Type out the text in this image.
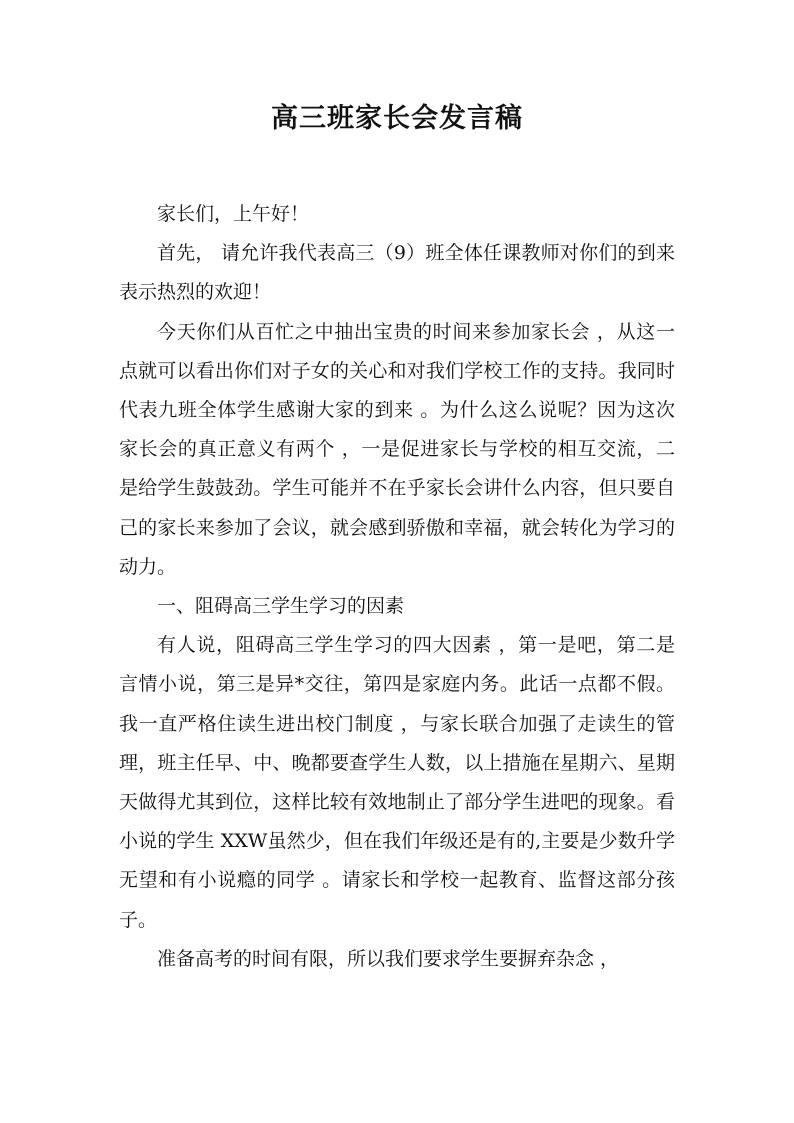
高三班家长会发言稿

家长们，上午好！

首先， 请允许我代表高三（9）班全体任课教师对你们的到来表示热烈的欢迎！

今天你们从百忙之中抽出宝贵的时间来参加家长会 ，从这一点就可以看出你们对子女的关心和对我们学校工作的支持。我同时代表九班全体学生感谢大家的到来 。为什么这么说呢？因为这次家长会的真正意义有两个 ，一是促进家长与学校的相互交流，二是给学生鼓鼓劲。学生可能并不在乎家长会讲什么内容，但只要自己的家长来参加了会议，就会感到骄傲和幸福，就会转化为学习的动力。

一、阻碍高三学生学习的因素

有人说，阻碍高三学生学习的四大因素 ，第一是吧，第二是言情小说，第三是异*交往，第四是家庭内务。此话一点都不假。我一直严格住读生进出校门制度 ，与家长联合加强了走读生的管理，班主任早、中、晚都要查学生人数，以上措施在星期六、星期天做得尤其到位，这样比较有效地制止了部分学生进吧的现象。看小说的学生 XXW虽然少，但在我们年级还是有的,主要是少数升学无望和有小说瘾的同学 。请家长和学校一起教育、监督这部分孩子。

准备高考的时间有限，所以我们要求学生要摒弃杂念 ，
